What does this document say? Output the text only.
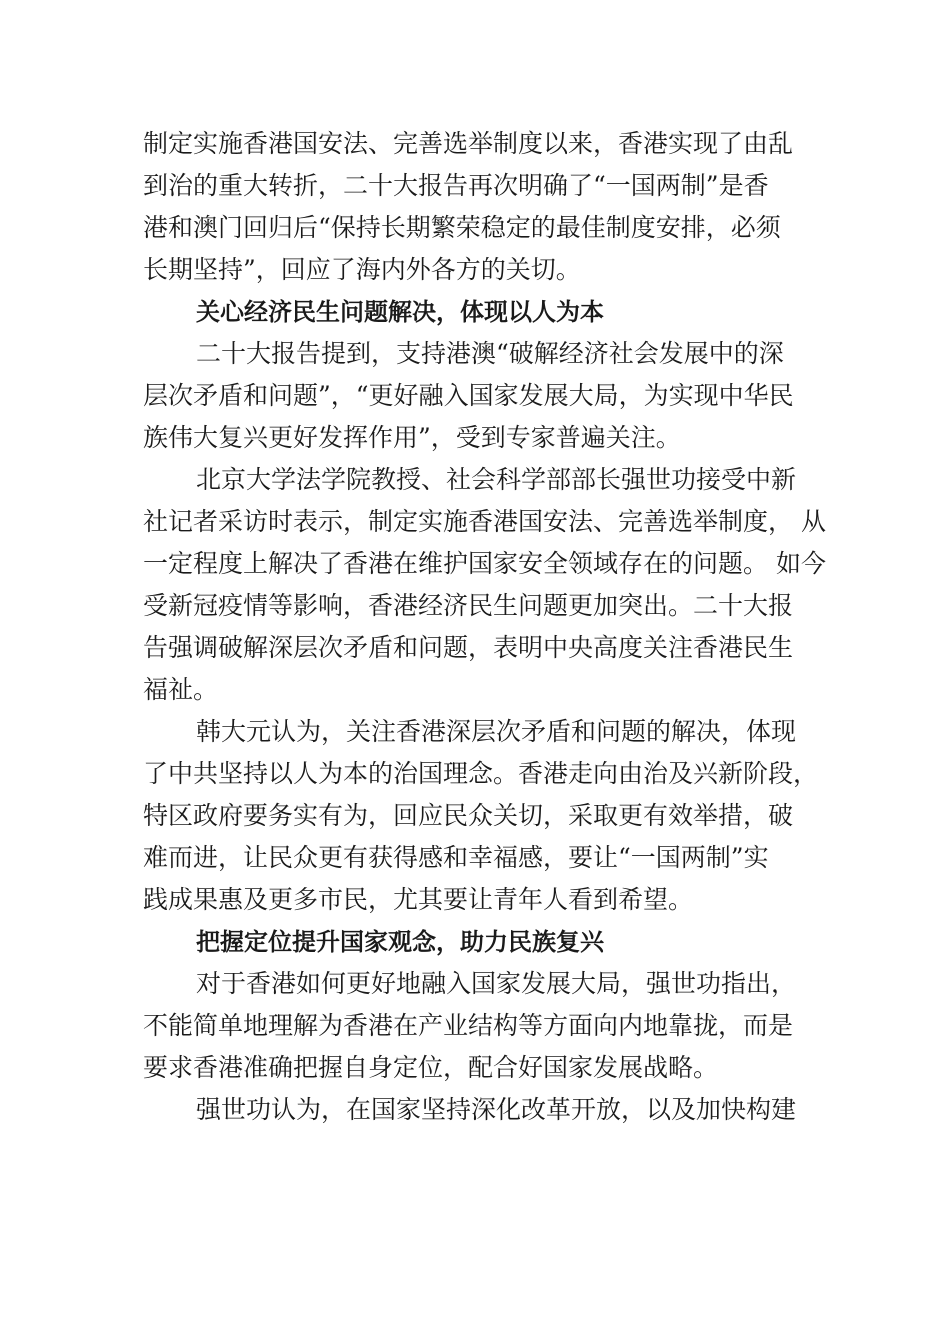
制定实施香港国安法、完善选举制度以来，香港实现了由乱
到治的重大转折，二十大报告再次明确了“一国两制”是香
港和澳门回归后“保持长期繁荣稳定的最佳制度安排，必须
长期坚持”，回应了海内外各方的关切。
关心经济民生问题解决，体现以人为本
二十大报告提到，支持港澳“破解经济社会发展中的深
层次矛盾和问题”，“更好融入国家发展大局，为实现中华民
族伟大复兴更好发挥作用”，受到专家普遍关注。
北京大学法学院教授、社会科学部部长强世功接受中新
社记者采访时表示，制定实施香港国安法、完善选举制度， 从
一定程度上解决了香港在维护国家安全领域存在的问题。 如今
受新冠疫情等影响，香港经济民生问题更加突出。二十大报
告强调破解深层次矛盾和问题，表明中央高度关注香港民生
福祉。
韩大元认为，关注香港深层次矛盾和问题的解决，体现
了中共坚持以人为本的治国理念。香港走向由治及兴新阶段，
特区政府要务实有为，回应民众关切，采取更有效举措，破
难而进，让民众更有获得感和幸福感，要让“一国两制”实
践成果惠及更多市民，尤其要让青年人看到希望。
把握定位提升国家观念，助力民族复兴
对于香港如何更好地融入国家发展大局，强世功指出，
不能简单地理解为香港在产业结构等方面向内地靠拢，而是
要求香港准确把握自身定位，配合好国家发展战略。
强世功认为，在国家坚持深化改革开放，以及加快构建
